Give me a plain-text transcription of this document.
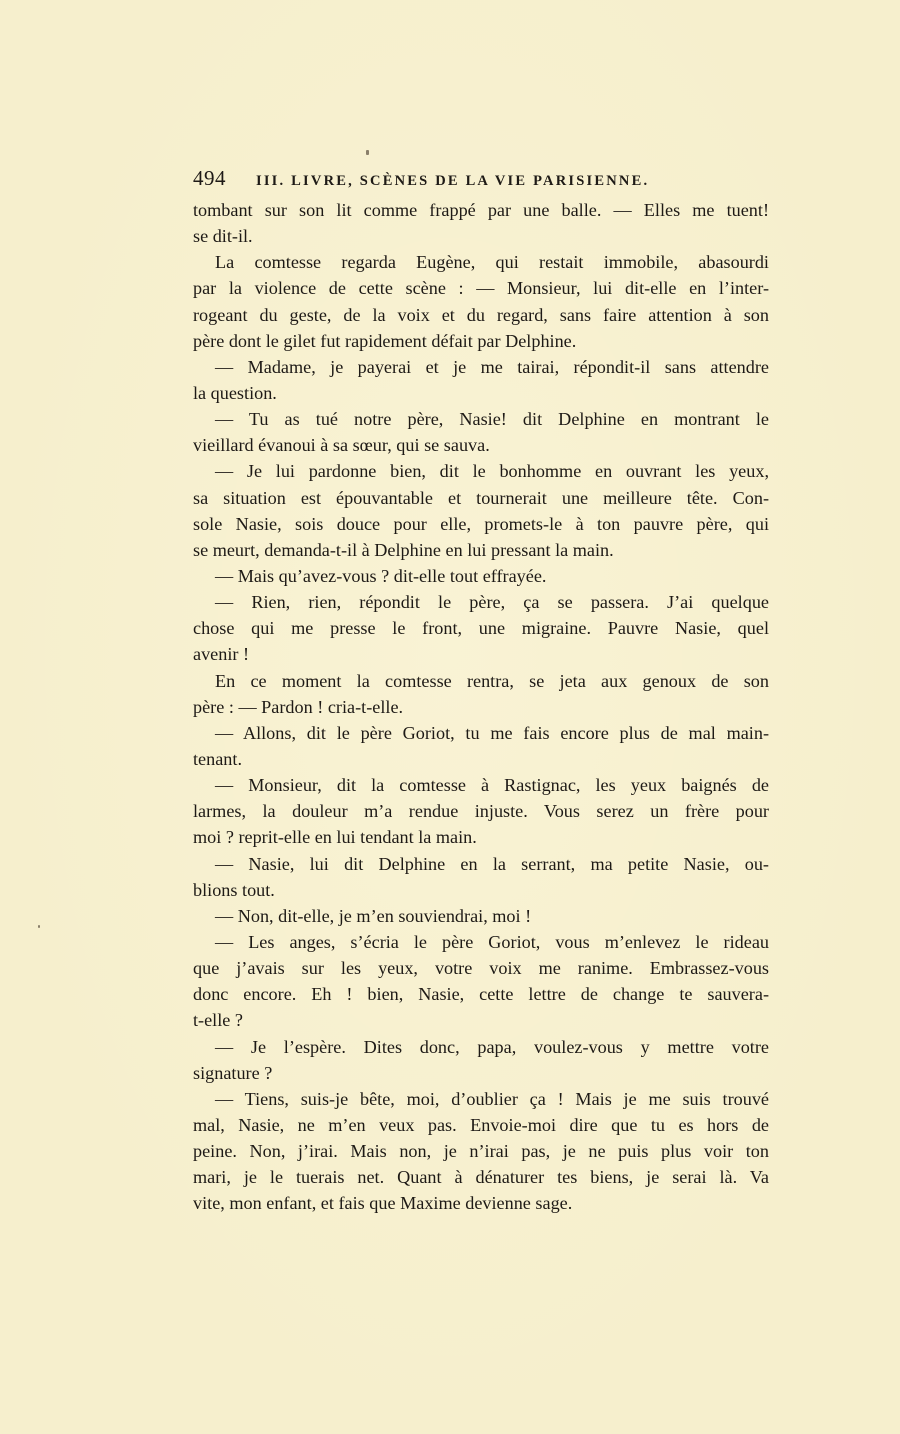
494 III. LIVRE, SCÈNES DE LA VIE PARISIENNE.
tombant sur son lit comme frappé par une balle. — Elles me tuent!
se dit-il.
La comtesse regarda Eugène, qui restait immobile, abasourdi
par la violence de cette scène : — Monsieur, lui dit-elle en l’inter-
rogeant du geste, de la voix et du regard, sans faire attention à son
père dont le gilet fut rapidement défait par Delphine.
— Madame, je payerai et je me tairai, répondit-il sans attendre
la question.
— Tu as tué notre père, Nasie! dit Delphine en montrant le
vieillard évanoui à sa sœur, qui se sauva.
— Je lui pardonne bien, dit le bonhomme en ouvrant les yeux,
sa situation est épouvantable et tournerait une meilleure tête. Con-
sole Nasie, sois douce pour elle, promets-le à ton pauvre père, qui
se meurt, demanda-t-il à Delphine en lui pressant la main.
— Mais qu’avez-vous ? dit-elle tout effrayée.
— Rien, rien, répondit le père, ça se passera. J’ai quelque
chose qui me presse le front, une migraine. Pauvre Nasie, quel
avenir !
En ce moment la comtesse rentra, se jeta aux genoux de son
père : — Pardon ! cria-t-elle.
— Allons, dit le père Goriot, tu me fais encore plus de mal main-
tenant.
— Monsieur, dit la comtesse à Rastignac, les yeux baignés de
larmes, la douleur m’a rendue injuste. Vous serez un frère pour
moi ? reprit-elle en lui tendant la main.
— Nasie, lui dit Delphine en la serrant, ma petite Nasie, ou-
blions tout.
— Non, dit-elle, je m’en souviendrai, moi !
— Les anges, s’écria le père Goriot, vous m’enlevez le rideau
que j’avais sur les yeux, votre voix me ranime. Embrassez-vous
donc encore. Eh ! bien, Nasie, cette lettre de change te sauvera-
t-elle ?
— Je l’espère. Dites donc, papa, voulez-vous y mettre votre
signature ?
— Tiens, suis-je bête, moi, d’oublier ça ! Mais je me suis trouvé
mal, Nasie, ne m’en veux pas. Envoie-moi dire que tu es hors de
peine. Non, j’irai. Mais non, je n’irai pas, je ne puis plus voir ton
mari, je le tuerais net. Quant à dénaturer tes biens, je serai là. Va
vite, mon enfant, et fais que Maxime devienne sage.
